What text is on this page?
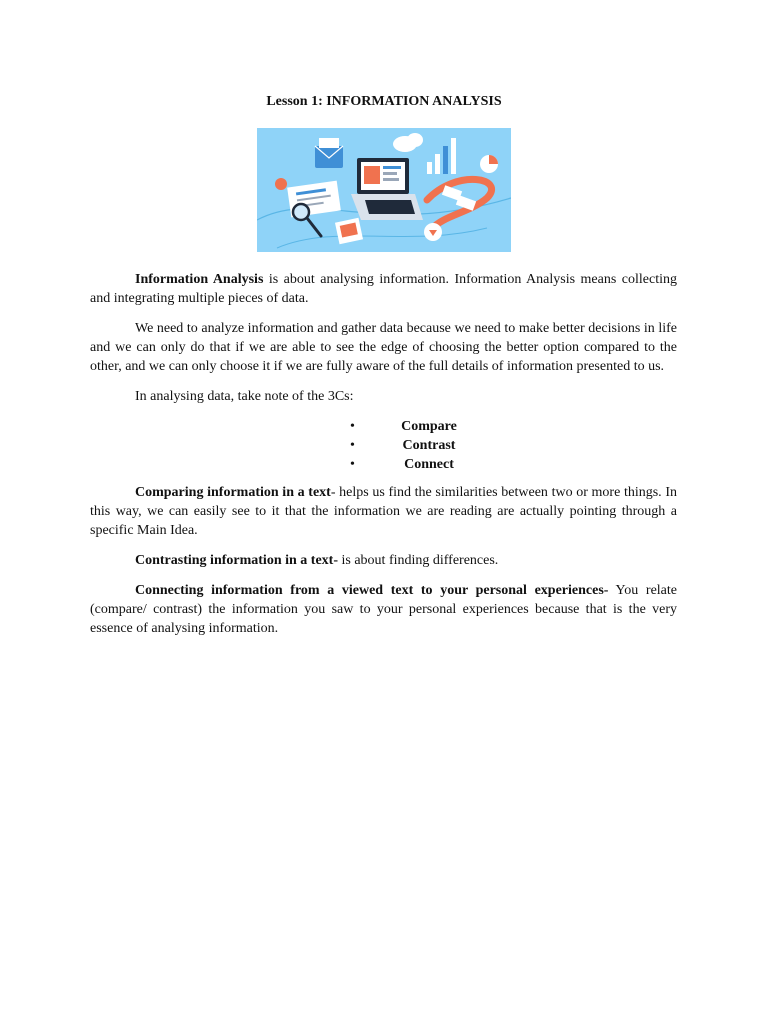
Lesson 1: INFORMATION ANALYSIS

Information Analysis is about analysing information. Information Analysis means collecting and integrating multiple pieces of data.

We need to analyze information and gather data because we need to make better decisions in life and we can only do that if we are able to see the edge of choosing the better option compared to the other, and we can only choose it if we are fully aware of the full details of information presented to us.

In analysing data, take note of the 3Cs:

•	Compare
•	Contrast
•	Connect

Comparing information in a text- helps us find the similarities between two or more things. In this way, we can easily see to it that the information we are reading are actually pointing through a specific Main Idea.

Contrasting information in a text- is about finding differences.

Connecting information from a viewed text to your personal experiences- You relate (compare/ contrast) the information you saw to your personal experiences because that is the very essence of analysing information.
